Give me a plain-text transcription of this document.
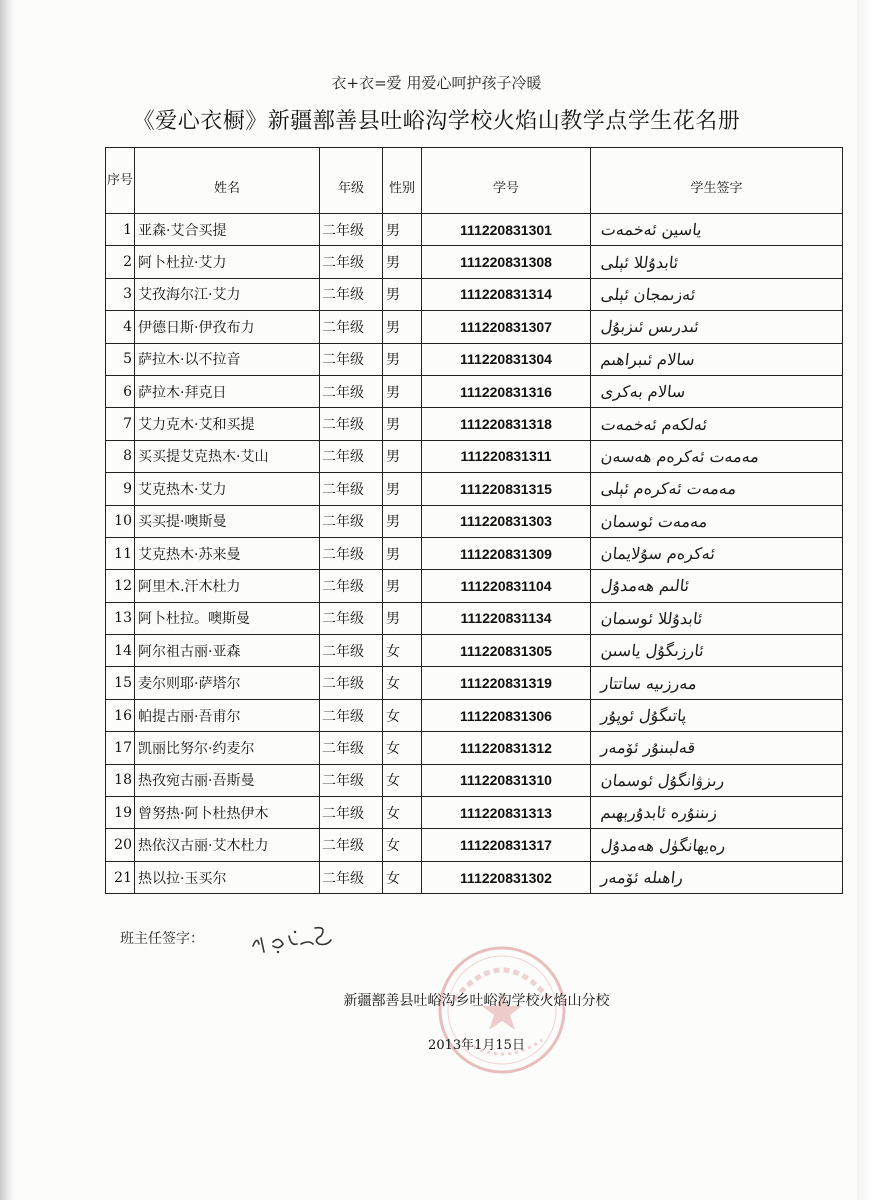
衣+衣=爱 用爱心呵护孩子冷暖
《爱心衣橱》新疆鄯善县吐峪沟学校火焰山教学点学生花名册
序号	姓名	年级	性别	学号	学生签字
1	亚森·艾合买提	二年级	男	111220831301	ياسين ئەخمەت
2	阿卜杜拉·艾力	二年级	男	111220831308	ئابدۇللا ئېلى
3	艾孜海尔江·艾力	二年级	男	111220831314	ئەزىمجان ئېلى
4	伊德日斯·伊孜布力	二年级	男	111220831307	ئىدرىس ئىزبۇل
5	萨拉木·以不拉音	二年级	男	111220831304	سالام ئىبراھىم
6	萨拉木·拜克日	二年级	男	111220831316	سالام بەكرى
7	艾力克木·艾和买提	二年级	男	111220831318	ئەلكەم ئەخمەت
8	买买提艾克热木·艾山	二年级	男	111220831311	مەمەت ئەكرەم ھەسەن
9	艾克热木·艾力	二年级	男	111220831315	مەمەت ئەكرەم ئېلى
10	买买提·噢斯曼	二年级	男	111220831303	مەمەت ئوسمان
11	艾克热木·苏来曼	二年级	男	111220831309	ئەكرەم سۇلايمان
12	阿里木.汗木杜力	二年级	男	111220831104	ئالىم ھەمدۇل
13	阿卜杜拉。噢斯曼	二年级	男	111220831134	ئابدۇللا ئوسمان
14	阿尔祖古丽·亚森	二年级	女	111220831305	ئارزىگۇل ياسىن
15	麦尔则耶·萨塔尔	二年级	女	111220831319	مەرزىيە ساتتار
16	帕提古丽·吾甫尔	二年级	女	111220831306	پاتىگۇل ئوپۇر
17	凯丽比努尔·约麦尔	二年级	女	111220831312	قەلبىنۇر ئۆمەر
18	热孜宛古丽·吾斯曼	二年级	女	111220831310	رىزۋانگۇل ئوسمان
19	曾努热·阿卜杜热伊木	二年级	女	111220831313	زىننۇرە ئابدۇرېھىم
20	热依汉古丽·艾木杜力	二年级	女	111220831317	رەيھانگۈل ھەمدۇل
21	热以拉·玉买尔	二年级	女	111220831302	راھىلە ئۆمەر
班主任签字：
新疆鄯善县吐峪沟乡吐峪沟学校火焰山分校
2013年1月15日
